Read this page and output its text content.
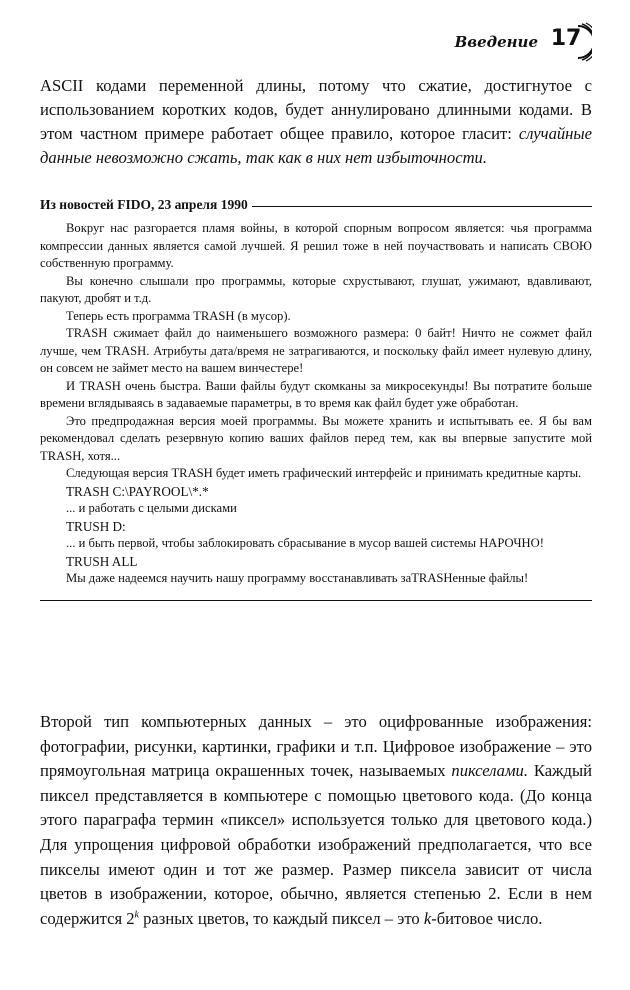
Введение 17
ASCII кодами переменной длины, потому что сжатие, достигнутое с использованием коротких кодов, будет аннулировано длинными кодами. В этом частном примере работает общее правило, которое гласит: случайные данные невозможно сжать, так как в них нет избыточности.
Из новостей FIDO, 23 апреля 1990

Вокруг нас разгорается пламя войны, в которой спорным вопросом является: чья программа компрессии данных является самой лучшей. Я решил тоже в ней поучаствовать и написать СВОЮ собственную программу.

Вы конечно слышали про программы, которые схрустывают, глушат, ужимают, вдавливают, пакуют, дробят и т.д.

Теперь есть программа TRASH (в мусор).

TRASH сжимает файл до наименьшего возможного размера: 0 байт! Ничто не сожмет файл лучше, чем TRASH. Атрибуты дата/время не затрагиваются, и поскольку файл имеет нулевую длину, он совсем не займет место на вашем винчестере!

И TRASH очень быстра. Ваши файлы будут скомканы за микросекунды! Вы потратите больше времени вглядываясь в задаваемые параметры, в то время как файл будет уже обработан.

Это предпродажная версия моей программы. Вы можете хранить и испытывать ее. Я бы вам рекомендовал сделать резервную копию ваших файлов перед тем, как вы впервые запустите мой TRASH, хотя...

Следующая версия TRASH будет иметь графический интерфейс и принимать кредитные карты.

TRASH C:\PAYROOL\*.*

... и работать с целыми дисками

TRUSH D:

... и быть первой, чтобы заблокировать сбрасывание в мусор вашей системы НАРОЧНО!

TRUSH ALL

Мы даже надеемся научить нашу программу восстанавливать заTRASHенные файлы!

Второй тип компьютерных данных – это оцифрованные изображения: фотографии, рисунки, картинки, графики и т.п. Цифровое изображение – это прямоугольная матрица окрашенных точек, называемых пикселами. Каждый пиксел представляется в компьютере с помощью цветового кода. (До конца этого параграфа термин «пиксел» используется только для цветового кода.) Для упрощения цифровой обработки изображений предполагается, что все пикселы имеют один и тот же размер. Размер пиксела зависит от числа цветов в изображении, которое, обычно, является степенью 2. Если в нем содержится 2$^k$ разных цветов, то каждый пиксел – это k-битовое число.
